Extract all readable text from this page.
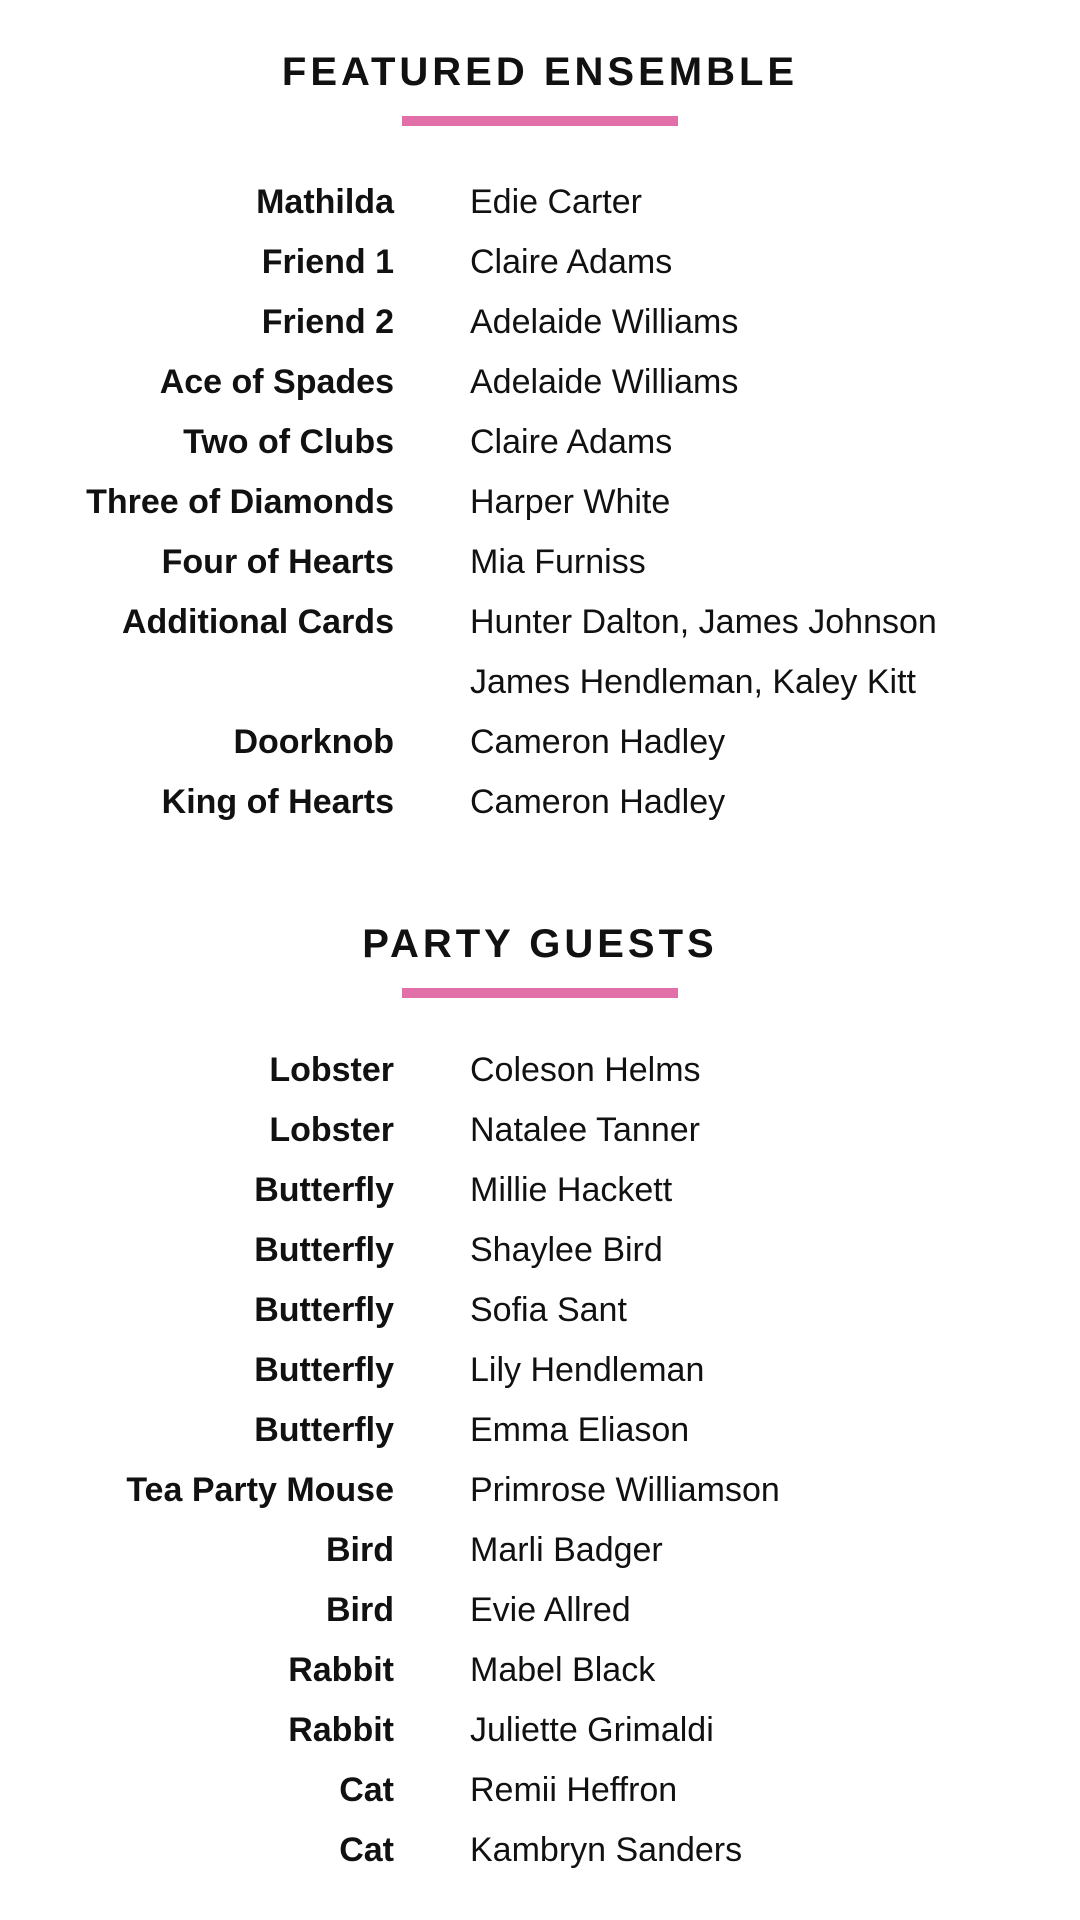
FEATURED ENSEMBLE
Mathilda Edie Carter
Friend 1 Claire Adams
Friend 2 Adelaide Williams
Ace of Spades Adelaide Williams
Two of Clubs Claire Adams
Three of Diamonds Harper White
Four of Hearts Mia Furniss
Additional Cards Hunter Dalton, James Johnson
James Hendleman, Kaley Kitt
Doorknob Cameron Hadley
King of Hearts Cameron Hadley
PARTY GUESTS
Lobster Coleson Helms
Lobster Natalee Tanner
Butterfly Millie Hackett
Butterfly Shaylee Bird
Butterfly Sofia Sant
Butterfly Lily Hendleman
Butterfly Emma Eliason
Tea Party Mouse Primrose Williamson
Bird Marli Badger
Bird Evie Allred
Rabbit Mabel Black
Rabbit Juliette Grimaldi
Cat Remii Heffron
Cat Kambryn Sanders
